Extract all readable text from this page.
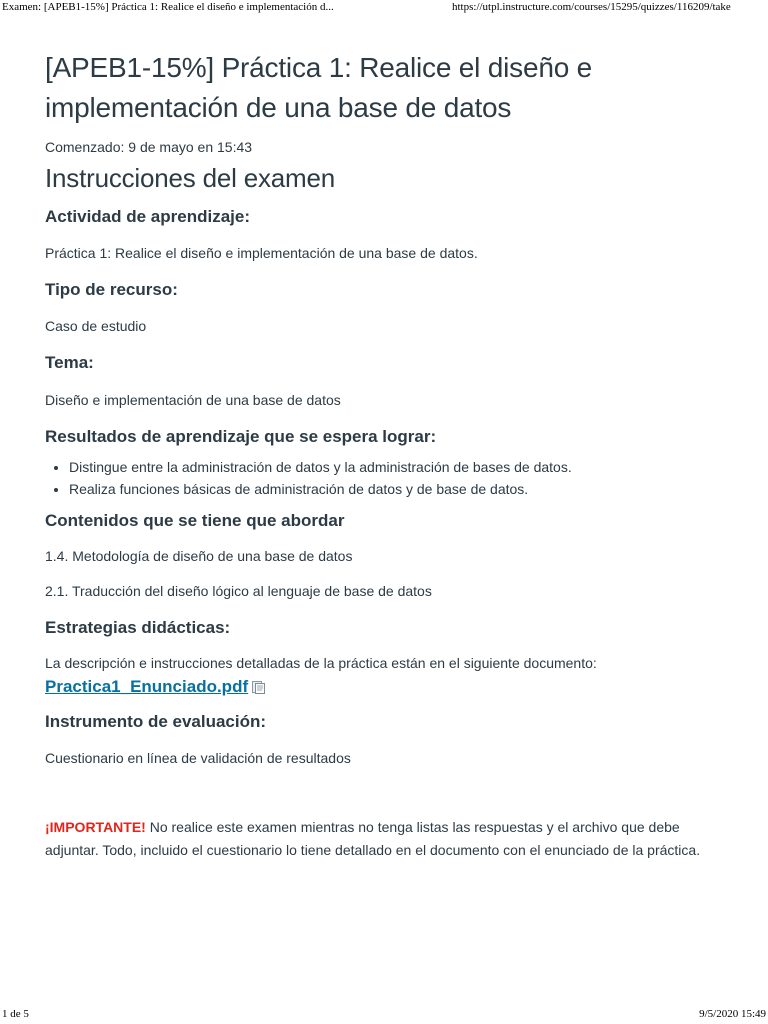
Examen: [APEB1-15%] Práctica 1: Realice el diseño e implementación d...	https://utpl.instructure.com/courses/15295/quizzes/116209/take
[APEB1-15%] Práctica 1: Realice el diseño e implementación de una base de datos

Comenzado: 9 de mayo en 15:43

Instrucciones del examen
Actividad de aprendizaje:

Práctica 1: Realice el diseño e implementación de una base de datos.

Tipo de recurso:

Caso de estudio

Tema:

Diseño e implementación de una base de datos

Resultados de aprendizaje que se espera lograr:
• Distingue entre la administración de datos y la administración de bases de datos.
• Realiza funciones básicas de administración de datos y de base de datos.
Contenidos que se tiene que abordar

1.4. Metodología de diseño de una base de datos

2.1. Traducción del diseño lógico al lenguaje de base de datos

Estrategias didácticas:

La descripción e instrucciones detalladas de la práctica están en el siguiente documento:

Practica1_Enunciado.pdf
Instrumento de evaluación:

Cuestionario en línea de validación de resultados

¡IMPORTANTE! No realice este examen mientras no tenga listas las respuestas y el archivo que debe adjuntar. Todo, incluido el cuestionario lo tiene detallado en el documento con el enunciado de la práctica.

1 de 5	9/5/2020 15:49
